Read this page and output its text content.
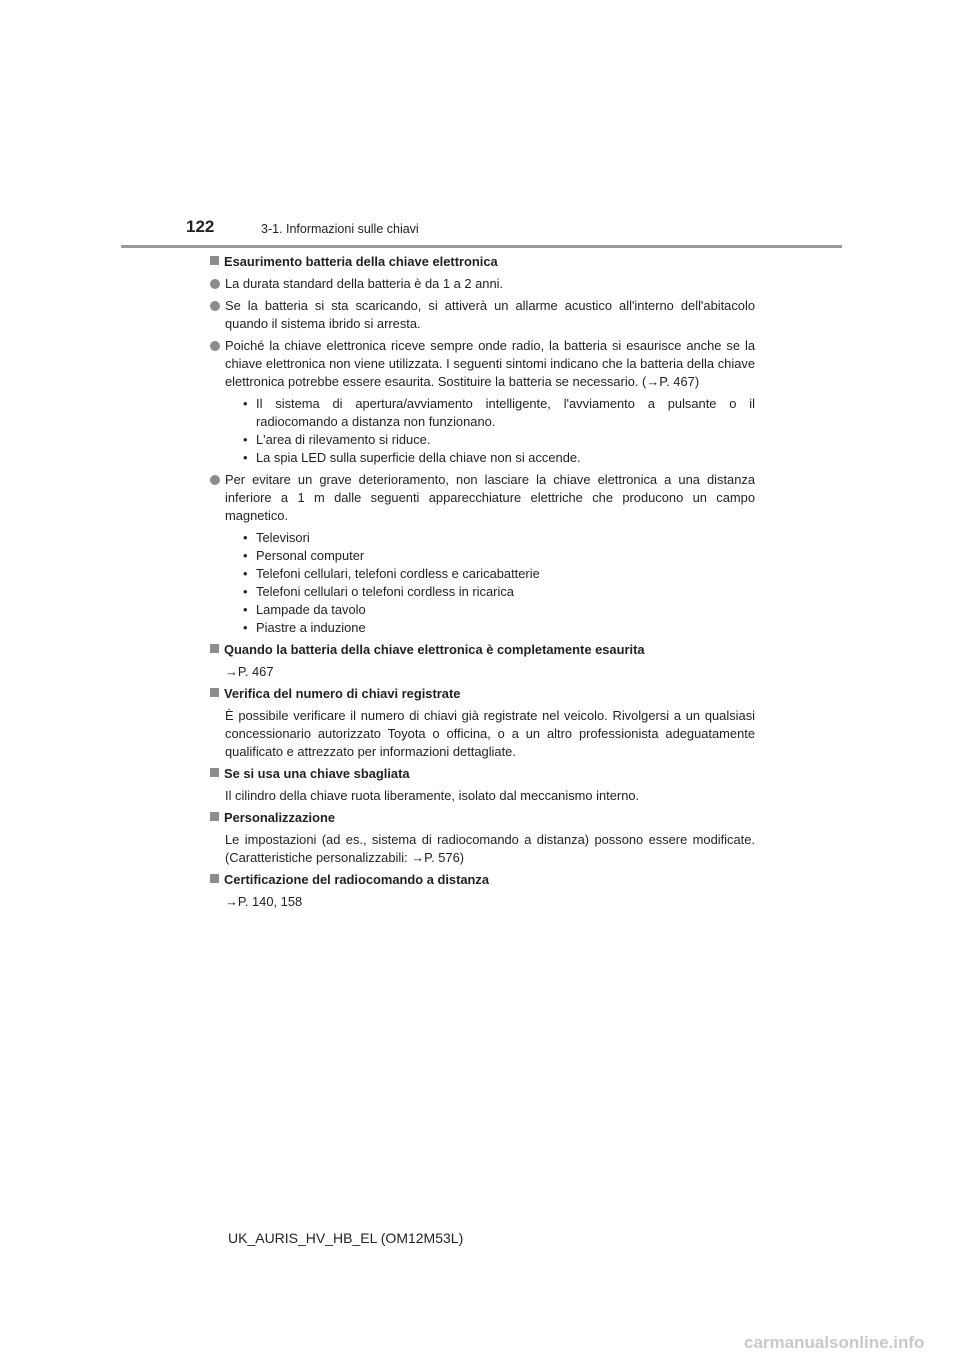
122	3-1. Informazioni sulle chiavi
Esaurimento batteria della chiave elettronica
La durata standard della batteria è da 1 a 2 anni.
Se la batteria si sta scaricando, si attiverà un allarme acustico all'interno dell'abitacolo quando il sistema ibrido si arresta.
Poiché la chiave elettronica riceve sempre onde radio, la batteria si esaurisce anche se la chiave elettronica non viene utilizzata. I seguenti sintomi indicano che la batteria della chiave elettronica potrebbe essere esaurita. Sostituire la batteria se necessario. (→P. 467)
• Il sistema di apertura/avviamento intelligente, l'avviamento a pulsante o il radiocomando a distanza non funzionano.
• L'area di rilevamento si riduce.
• La spia LED sulla superficie della chiave non si accende.
Per evitare un grave deterioramento, non lasciare la chiave elettronica a una distanza inferiore a 1 m dalle seguenti apparecchiature elettriche che producono un campo magnetico.
• Televisori
• Personal computer
• Telefoni cellulari, telefoni cordless e caricabatterie
• Telefoni cellulari o telefoni cordless in ricarica
• Lampade da tavolo
• Piastre a induzione
Quando la batteria della chiave elettronica è completamente esaurita
→P. 467
Verifica del numero di chiavi registrate
È possibile verificare il numero di chiavi già registrate nel veicolo. Rivolgersi a un qualsiasi concessionario autorizzato Toyota o officina, o a un altro professionista adeguatamente qualificato e attrezzato per informazioni dettagliate.
Se si usa una chiave sbagliata
Il cilindro della chiave ruota liberamente, isolato dal meccanismo interno.
Personalizzazione
Le impostazioni (ad es., sistema di radiocomando a distanza) possono essere modificate. (Caratteristiche personalizzabili: →P. 576)
Certificazione del radiocomando a distanza
→P. 140, 158
UK_AURIS_HV_HB_EL (OM12M53L)
carmanualsonline.info
